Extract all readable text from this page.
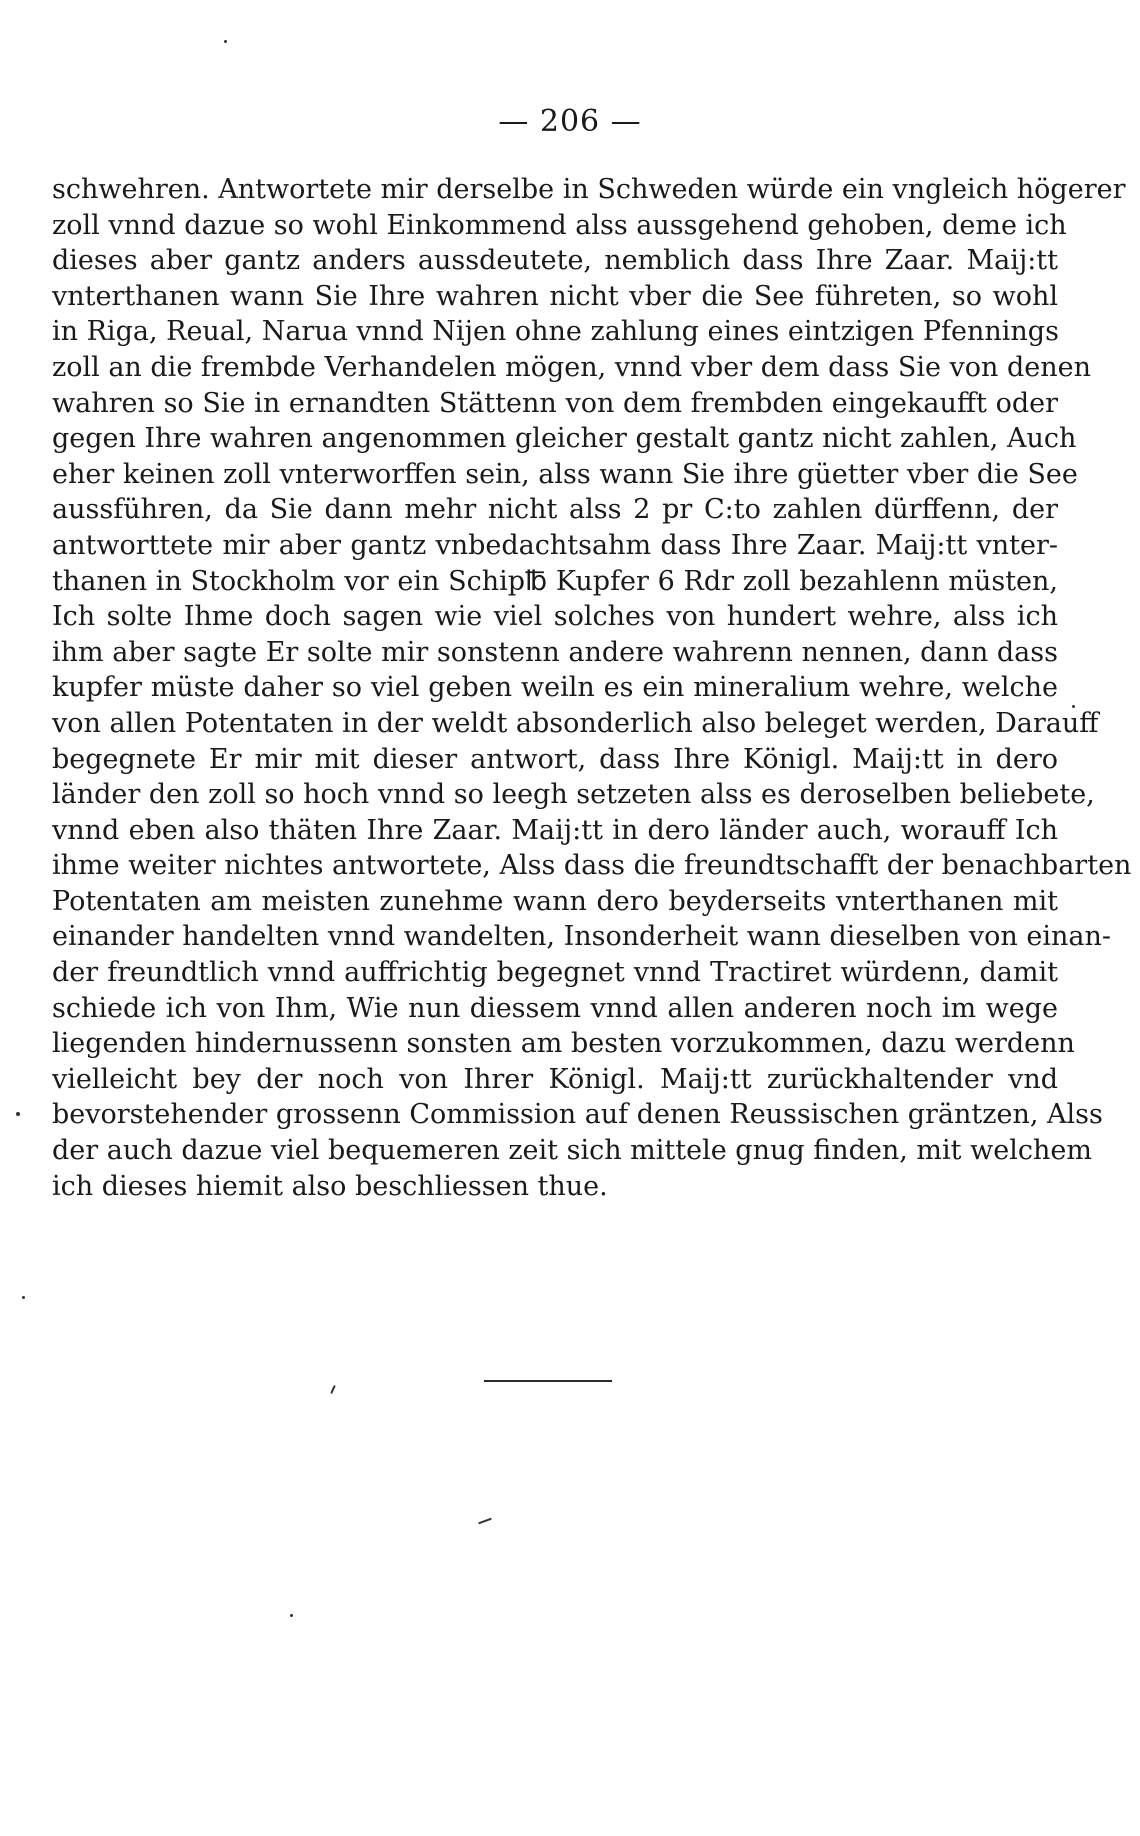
— 206 —
schwehren. Antwortete mir derselbe in Schweden würde ein vngleich högerer
zoll vnnd dazue so wohl Einkommend alss aussgehend gehoben, deme ich
dieses aber gantz anders aussdeutete, nemblich dass Ihre Zaar. Maij:tt
vnterthanen wann Sie Ihre wahren nicht vber die See führeten, so wohl
in Riga, Reual, Narua vnnd Nijen ohne zahlung eines eintzigen Pfennings
zoll an die frembde Verhandelen mögen, vnnd vber dem dass Sie von denen
wahren so Sie in ernandten Stättenn von dem frembden eingekaufft oder
gegen Ihre wahren angenommen gleicher gestalt gantz nicht zahlen, Auch
eher keinen zoll vnterworffen sein, alss wann Sie ihre güetter vber die See
aussführen, da Sie dann mehr nicht alss 2 pr C:to zahlen dürffenn, der
antworttete mir aber gantz vnbedachtsahm dass Ihre Zaar. Maij:tt vnter-
thanen in Stockholm vor ein Schip℔ Kupfer 6 Rdr zoll bezahlenn müsten,
Ich solte Ihme doch sagen wie viel solches von hundert wehre, alss ich
ihm aber sagte Er solte mir sonstenn andere wahrenn nennen, dann dass
kupfer müste daher so viel geben weiln es ein mineralium wehre, welche
von allen Potentaten in der weldt absonderlich also beleget werden, Darauff
begegnete Er mir mit dieser antwort, dass Ihre Königl. Maij:tt in dero
länder den zoll so hoch vnnd so leegh setzeten alss es deroselben beliebete,
vnnd eben also thäten Ihre Zaar. Maij:tt in dero länder auch, worauff Ich
ihme weiter nichtes antwortete, Alss dass die freundtschafft der benachbarten
Potentaten am meisten zunehme wann dero beyderseits vnterthanen mit
einander handelten vnnd wandelten, Insonderheit wann dieselben von einan-
der freundtlich vnnd auffrichtig begegnet vnnd Tractiret würdenn, damit
schiede ich von Ihm, Wie nun diessem vnnd allen anderen noch im wege
liegenden hindernussenn sonsten am besten vorzukommen, dazu werdenn
vielleicht bey der noch von Ihrer Königl. Maij:tt zurückhaltender vnd
bevorstehender grossenn Commission auf denen Reussischen gräntzen, Alss
der auch dazue viel bequemeren zeit sich mittele gnug finden, mit welchem
ich dieses hiemit also beschliessen thue.
